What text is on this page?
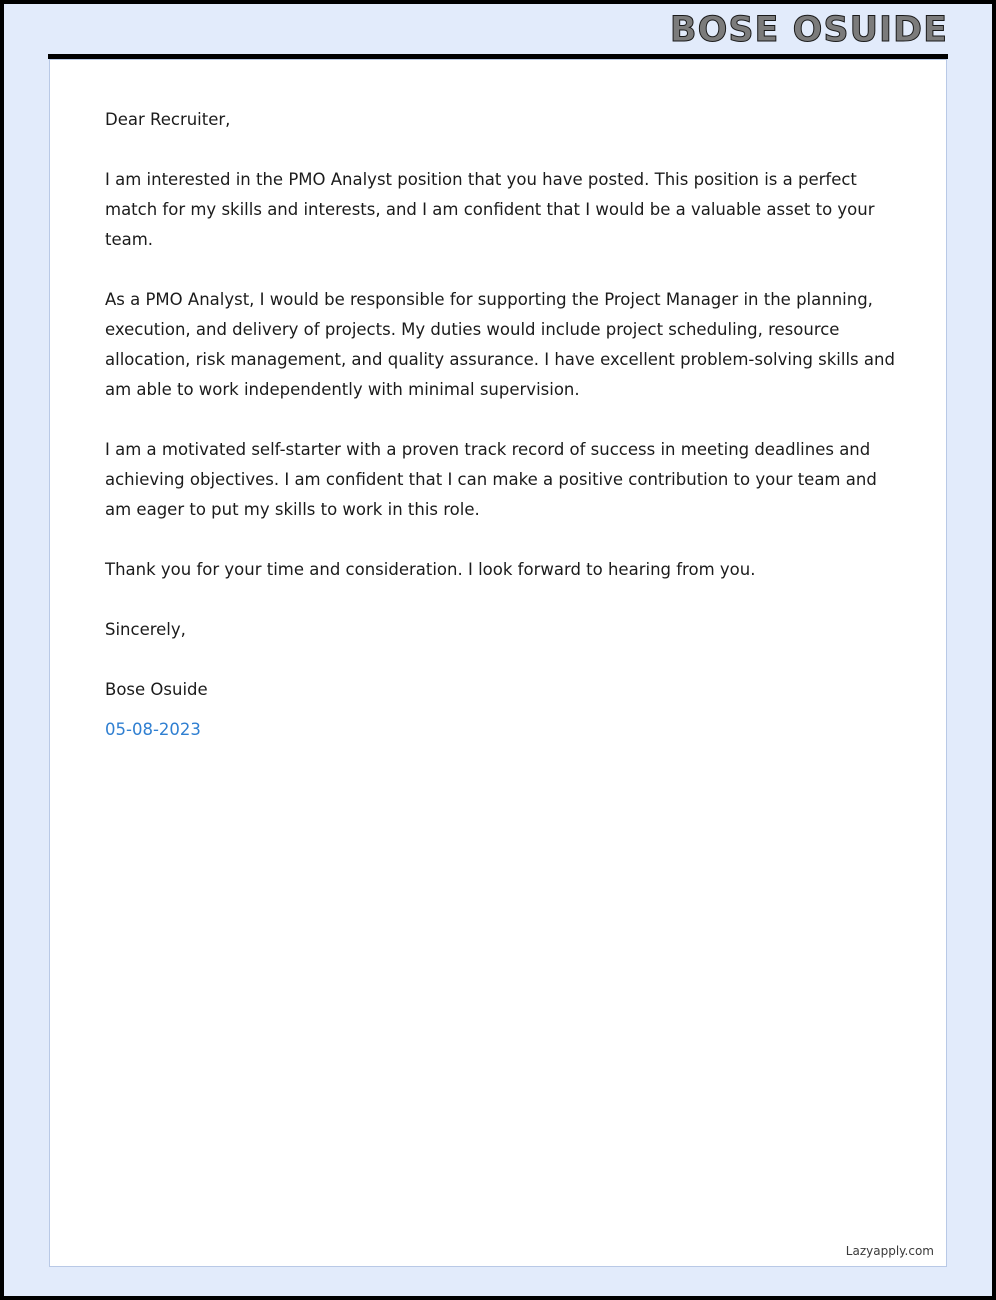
BOSE OSUIDE

Dear Recruiter,

I am interested in the PMO Analyst position that you have posted. This position is a perfect match for my skills and interests, and I am confident that I would be a valuable asset to your team.

As a PMO Analyst, I would be responsible for supporting the Project Manager in the planning, execution, and delivery of projects. My duties would include project scheduling, resource allocation, risk management, and quality assurance. I have excellent problem-solving skills and am able to work independently with minimal supervision.

I am a motivated self-starter with a proven track record of success in meeting deadlines and achieving objectives. I am confident that I can make a positive contribution to your team and am eager to put my skills to work in this role.

Thank you for your time and consideration. I look forward to hearing from you.

Sincerely,

Bose Osuide

05-08-2023

Lazyapply.com
